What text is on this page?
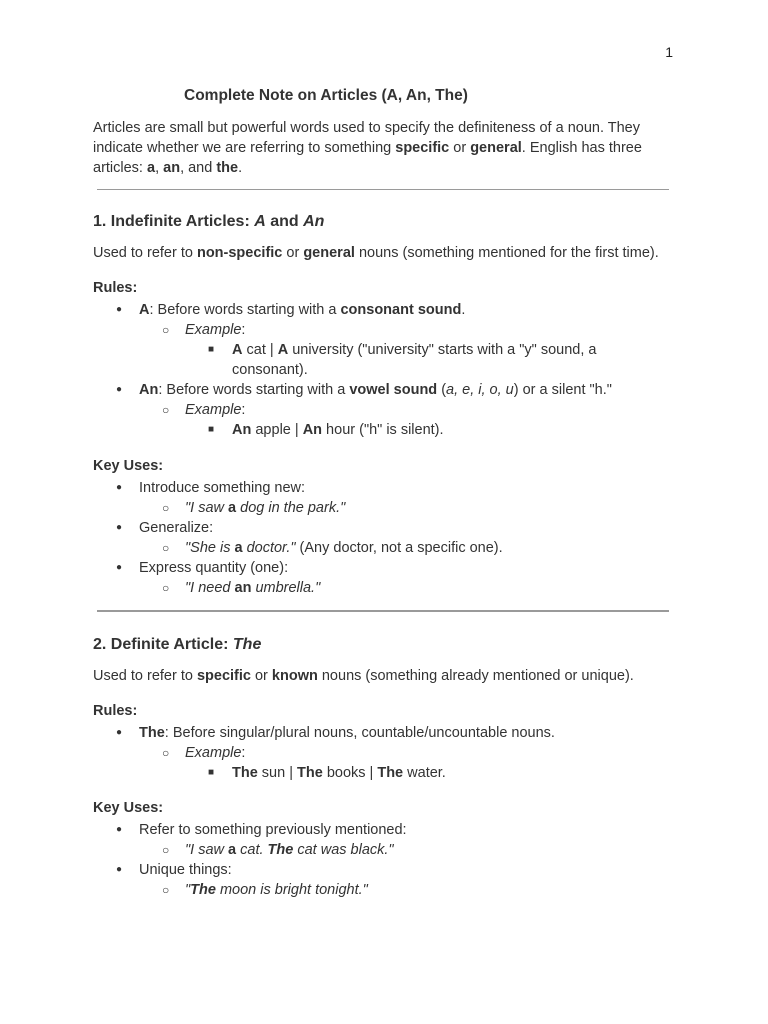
1
Complete Note on Articles (A, An, The)

Articles are small but powerful words used to specify the definiteness of a noun. They indicate whether we are referring to something specific or general. English has three articles: a, an, and the.

1. Indefinite Articles: A and An

Used to refer to non-specific or general nouns (something mentioned for the first time).

Rules:
● A: Before words starting with a consonant sound.
○ Example:
■ A cat | A university ("university" starts with a "y" sound, a consonant).
● An: Before words starting with a vowel sound (a, e, i, o, u) or a silent "h."
○ Example:
■ An apple | An hour ("h" is silent).
Key Uses:
● Introduce something new:
○ "I saw a dog in the park."
● Generalize:
○ "She is a doctor." (Any doctor, not a specific one).
● Express quantity (one):
○ "I need an umbrella."
2. Definite Article: The

Used to refer to specific or known nouns (something already mentioned or unique).

Rules:
● The: Before singular/plural nouns, countable/uncountable nouns.
○ Example:
■ The sun | The books | The water.
Key Uses:
● Refer to something previously mentioned:
○ "I saw a cat. The cat was black."
● Unique things:
○ "The moon is bright tonight."
